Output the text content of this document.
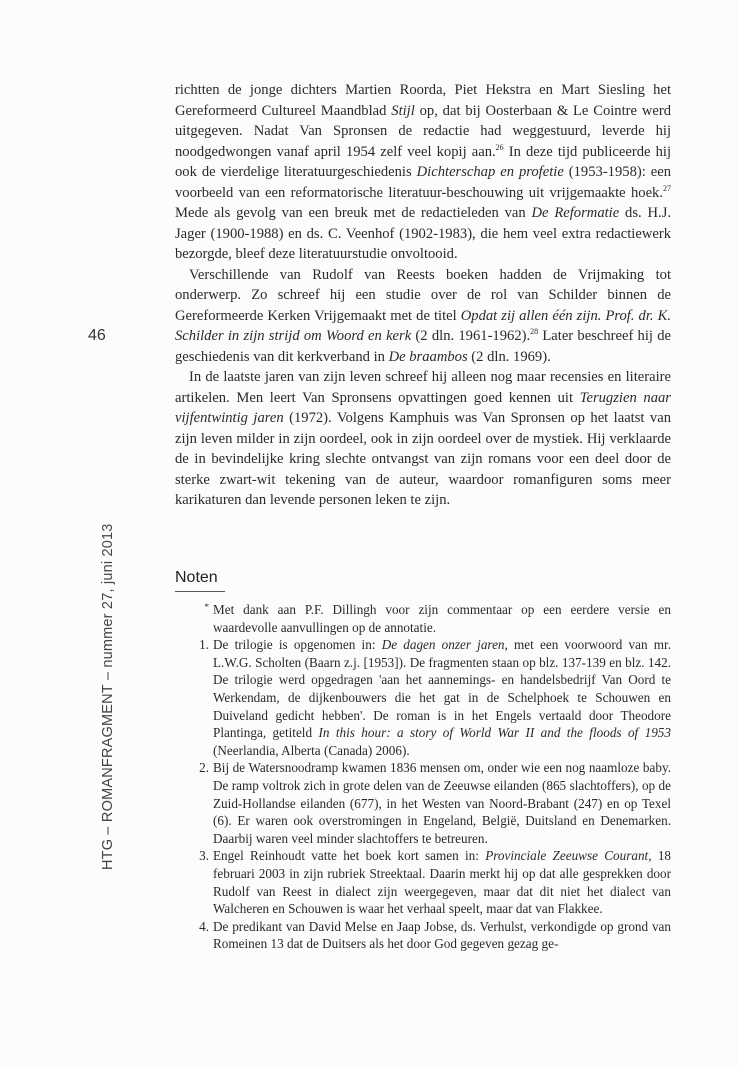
46
HTG – ROMANFRAGMENT – nummer 27, juni 2013

richtten de jonge dichters Martien Roorda, Piet Hekstra en Mart Siesling het Gereformeerd Cultureel Maandblad Stijl op, dat bij Oosterbaan & Le Cointre werd uitgegeven. Nadat Van Spronsen de redactie had weggestuurd, leverde hij noodgedwongen vanaf april 1954 zelf veel kopij aan.$^{26}$ In deze tijd publiceerde hij ook de vierdelige literatuurgeschiedenis Dichterschap en profetie (1953-1958): een voorbeeld van een reformatorische literatuur-beschouwing uit vrijgemaakte hoek.$^{27}$ Mede als gevolg van een breuk met de redactieleden van De Reformatie ds. H.J. Jager (1900-1988) en ds. C. Veenhof (1902-1983), die hem veel extra redactiewerk bezorgde, bleef deze literatuurstudie onvoltooid.

Verschillende van Rudolf van Reests boeken hadden de Vrijmaking tot onderwerp. Zo schreef hij een studie over de rol van Schilder binnen de Gereformeerde Kerken Vrijgemaakt met de titel Opdat zij allen één zijn. Prof. dr. K. Schilder in zijn strijd om Woord en kerk (2 dln. 1961-1962).$^{28}$ Later beschreef hij de geschiedenis van dit kerkverband in De braambos (2 dln. 1969).

In de laatste jaren van zijn leven schreef hij alleen nog maar recensies en literaire artikelen. Men leert Van Spronsens opvattingen goed kennen uit Terugzien naar vijfentwintig jaren (1972). Volgens Kamphuis was Van Spronsen op het laatst van zijn leven milder in zijn oordeel, ook in zijn oordeel over de mystiek. Hij verklaarde de in bevindelijke kring slechte ontvangst van zijn romans voor een deel door de sterke zwart-wit tekening van de auteur, waardoor romanfiguren soms meer karikaturen dan levende personen leken te zijn.

Noten
* Met dank aan P.F. Dillingh voor zijn commentaar op een eerdere versie en waardevolle aanvullingen op de annotatie.
1. De trilogie is opgenomen in: De dagen onzer jaren, met een voorwoord van mr. L.W.G. Scholten (Baarn z.j. [1953]). De fragmenten staan op blz. 137-139 en blz. 142. De trilogie werd opgedragen 'aan het aannemings- en handelsbedrijf Van Oord te Werkendam, de dijkenbouwers die het gat in de Schelphoek te Schouwen en Duiveland gedicht hebben'. De roman is in het Engels vertaald door Theodore Plantinga, getiteld In this hour: a story of World War II and the floods of 1953 (Neerlandia, Alberta (Canada) 2006).
2. Bij de Watersnoodramp kwamen 1836 mensen om, onder wie een nog naamloze baby. De ramp voltrok zich in grote delen van de Zeeuwse eilanden (865 slachtoffers), op de Zuid-Hollandse eilanden (677), in het Westen van Noord-Brabant (247) en op Texel (6). Er waren ook overstromingen in Engeland, België, Duitsland en Denemarken. Daarbij waren veel minder slachtoffers te betreuren.
3. Engel Reinhoudt vatte het boek kort samen in: Provinciale Zeeuwse Courant, 18 februari 2003 in zijn rubriek Streektaal. Daarin merkt hij op dat alle gesprekken door Rudolf van Reest in dialect zijn weergegeven, maar dat dit niet het dialect van Walcheren en Schouwen is waar het verhaal speelt, maar dat van Flakkee.
4. De predikant van David Melse en Jaap Jobse, ds. Verhulst, verkondigde op grond van Romeinen 13 dat de Duitsers als het door God gegeven gezag ge-
